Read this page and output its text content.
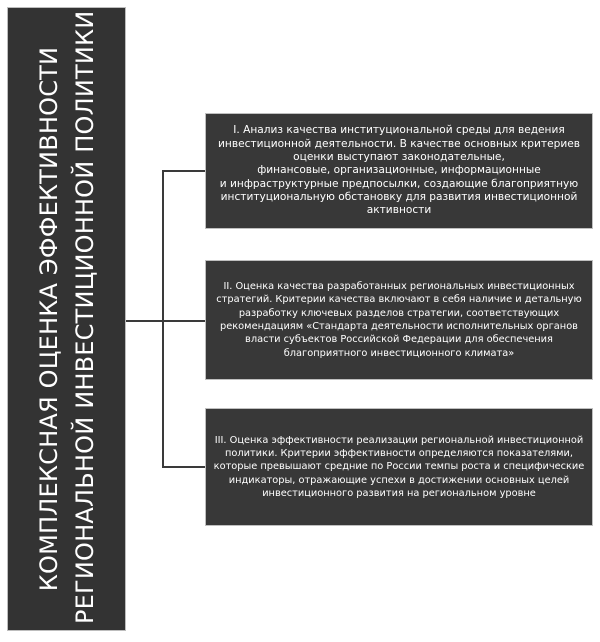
КОМПЛЕКСНАЯ ОЦЕНКА ЭФФЕКТИВНОСТИ РЕГИОНАЛЬНОЙ ИНВЕСТИЦИОННОЙ ПОЛИТИКИ	I. Анализ качества институциональной среды для ведения
инвестиционной деятельности. В качестве основных критериев
оценки выступают законодательные,
финансовые, организационные, информационные
и инфраструктурные предпосылки, создающие благоприятную
институциональную обстановку для развития инвестиционной
активности
II. Оценка качества разработанных региональных инвестиционных
стратегий. Критерии качества включают в себя наличие и детальную
разработку ключевых разделов стратегии, соответствующих
рекомендациям «Стандарта деятельности исполнительных органов
власти субъектов Российской Федерации для обеспечения
благоприятного инвестиционного климата»
III. Оценка эффективности реализации региональной инвестиционной
политики. Критерии эффективности определяются показателями,
которые превышают средние по России темпы роста и специфические
индикаторы, отражающие успехи в достижении основных целей
инвестиционного развития на региональном уровне
